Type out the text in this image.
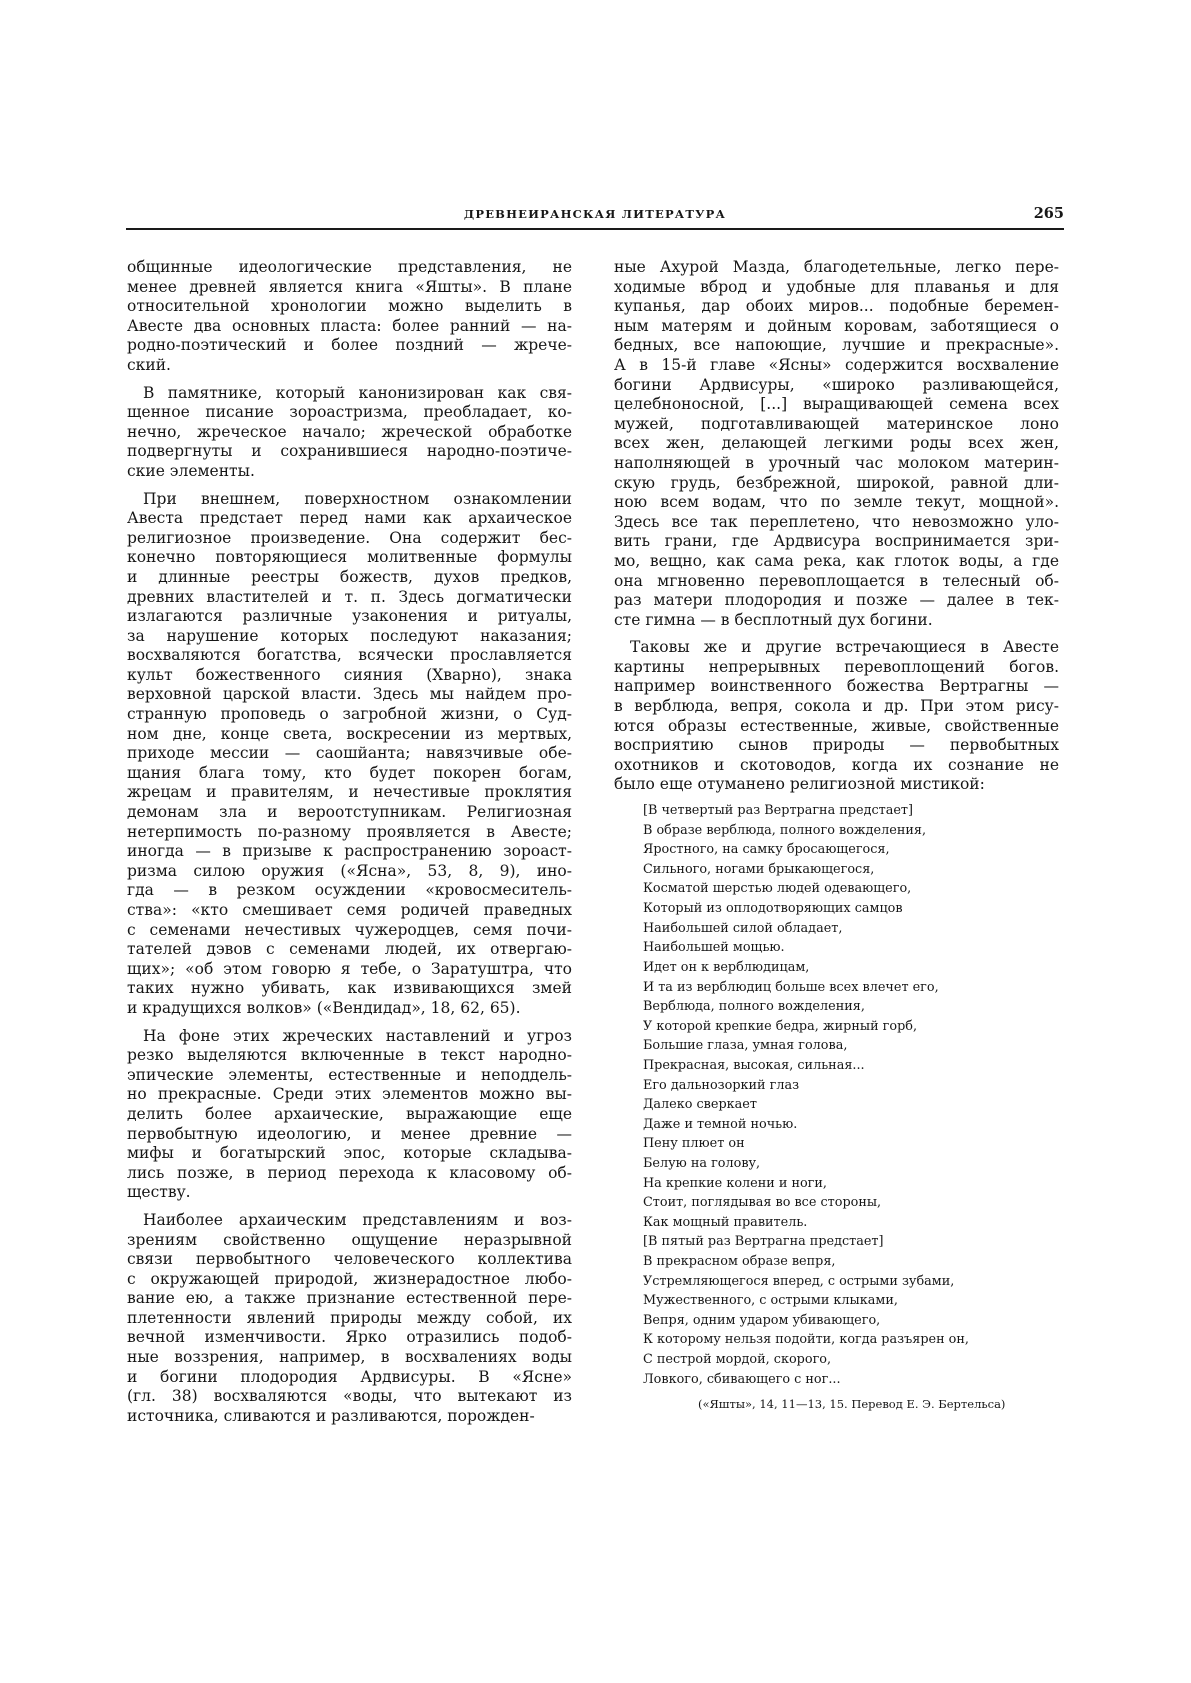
ДРЕВНЕИРАНСКАЯ ЛИТЕРАТУРА	265
общинные идеологические представления, не
менее древней является книга «Яшты». В плане
относительной хронологии можно выделить в
Авесте два основных пласта: более ранний — на-
родно-поэтический и более поздний — жрече-
ский.
В памятнике, который канонизирован как свя-
щенное писание зороастризма, преобладает, ко-
нечно, жреческое начало; жреческой обработке
подвергнуты и сохранившиеся народно-поэтиче-
ские элементы.
При внешнем, поверхностном ознакомлении
Авеста предстает перед нами как архаическое
религиозное произведение. Она содержит бес-
конечно повторяющиеся молитвенные формулы
и длинные реестры божеств, духов предков,
древних властителей и т. п. Здесь догматически
излагаются различные узаконения и ритуалы,
за нарушение которых последуют наказания;
восхваляются богатства, всячески прославляется
культ божественного сияния (Хварно), знака
верховной царской власти. Здесь мы найдем про-
странную проповедь о загробной жизни, о Суд-
ном дне, конце света, воскресении из мертвых,
приходе мессии — саошйанта; навязчивые обе-
щания блага тому, кто будет покорен богам,
жрецам и правителям, и нечестивые проклятия
демонам зла и вероотступникам. Религиозная
нетерпимость по-разному проявляется в Авесте;
иногда — в призыве к распространению зороаст-
ризма силою оружия («Ясна», 53, 8, 9), ино-
гда — в резком осуждении «кровосмеситель-
ства»: «кто смешивает семя родичей праведных
с семенами нечестивых чужеродцев, семя почи-
тателей дэвов с семенами людей, их отвергаю-
щих»; «об этом говорю я тебе, о Заратуштра, что
таких нужно убивать, как извивающихся змей
и крадущихся волков» («Вендидад», 18, 62, 65).
На фоне этих жреческих наставлений и угроз
резко выделяются включенные в текст народно-
эпические элементы, естественные и неподдель-
но прекрасные. Среди этих элементов можно вы-
делить более архаические, выражающие еще
первобытную идеологию, и менее древние —
мифы и богатырский эпос, которые складыва-
лись позже, в период перехода к класовому об-
ществу.
Наиболее архаическим представлениям и воз-
зрениям свойственно ощущение неразрывной
связи первобытного человеческого коллектива
с окружающей природой, жизнерадостное любо-
вание ею, а также признание естественной пере-
плетенности явлений природы между собой, их
вечной изменчивости. Ярко отразились подоб-
ные воззрения, например, в восхвалениях воды
и богини плодородия Ардвисуры. В «Ясне»
(гл. 38) восхваляются «воды, что вытекают из
источника, сливаются и разливаются, порожден-
ные Ахурой Мазда, благодетельные, легко пере-
ходимые вброд и удобные для плаванья и для
купанья, дар обоих миров... подобные беремен-
ным матерям и дойным коровам, заботящиеся о
бедных, все напоющие, лучшие и прекрасные».
А в 15-й главе «Ясны» содержится восхваление
богини Ардвисуры, «широко разливающейся,
целебноносной, [...] выращивающей семена всех
мужей, подготавливающей материнское лоно
всех жен, делающей легкими роды всех жен,
наполняющей в урочный час молоком материн-
скую грудь, безбрежной, широкой, равной дли-
ною всем водам, что по земле текут, мощной».
Здесь все так переплетено, что невозможно уло-
вить грани, где Ардвисура воспринимается зри-
мо, вещно, как сама река, как глоток воды, а где
она мгновенно перевоплощается в телесный об-
раз матери плодородия и позже — далее в тек-
сте гимна — в бесплотный дух богини.
Таковы же и другие встречающиеся в Авесте
картины непрерывных перевоплощений богов.
например воинственного божества Вертрагны —
в верблюда, вепря, сокола и др. При этом рису-
ются образы естественные, живые, свойственные
восприятию сынов природы — первобытных
охотников и скотоводов, когда их сознание не
было еще отуманено религиозной мистикой:
[В четвертый раз Вертрагна предстает]
В образе верблюда, полного вожделения,
Яростного, на самку бросающегося,
Сильного, ногами брыкающегося,
Косматой шерстью людей одевающего,
Который из оплодотворяющих самцов
Наибольшей силой обладает,
Наибольшей мощью.
Идет он к верблюдицам,
И та из верблюдиц больше всех влечет его,
Верблюда, полного вожделения,
У которой крепкие бедра, жирный горб,
Большие глаза, умная голова,
Прекрасная, высокая, сильная...
Его дальнозоркий глаз
Далеко сверкает
Даже и темной ночью.
Пену плюет он
Белую на голову,
На крепкие колени и ноги,
Стоит, поглядывая во все стороны,
Как мощный правитель.
[В пятый раз Вертрагна предстает]
В прекрасном образе вепря,
Устремляющегося вперед, с острыми зубами,
Мужественного, с острыми клыками,
Вепря, одним ударом убивающего,
К которому нельзя подойти, когда разъярен он,
С пестрой мордой, скорого,
Ловкого, сбивающего с ног...
(«Яшты», 14, 11—13, 15. Перевод Е. Э. Бертельса)
